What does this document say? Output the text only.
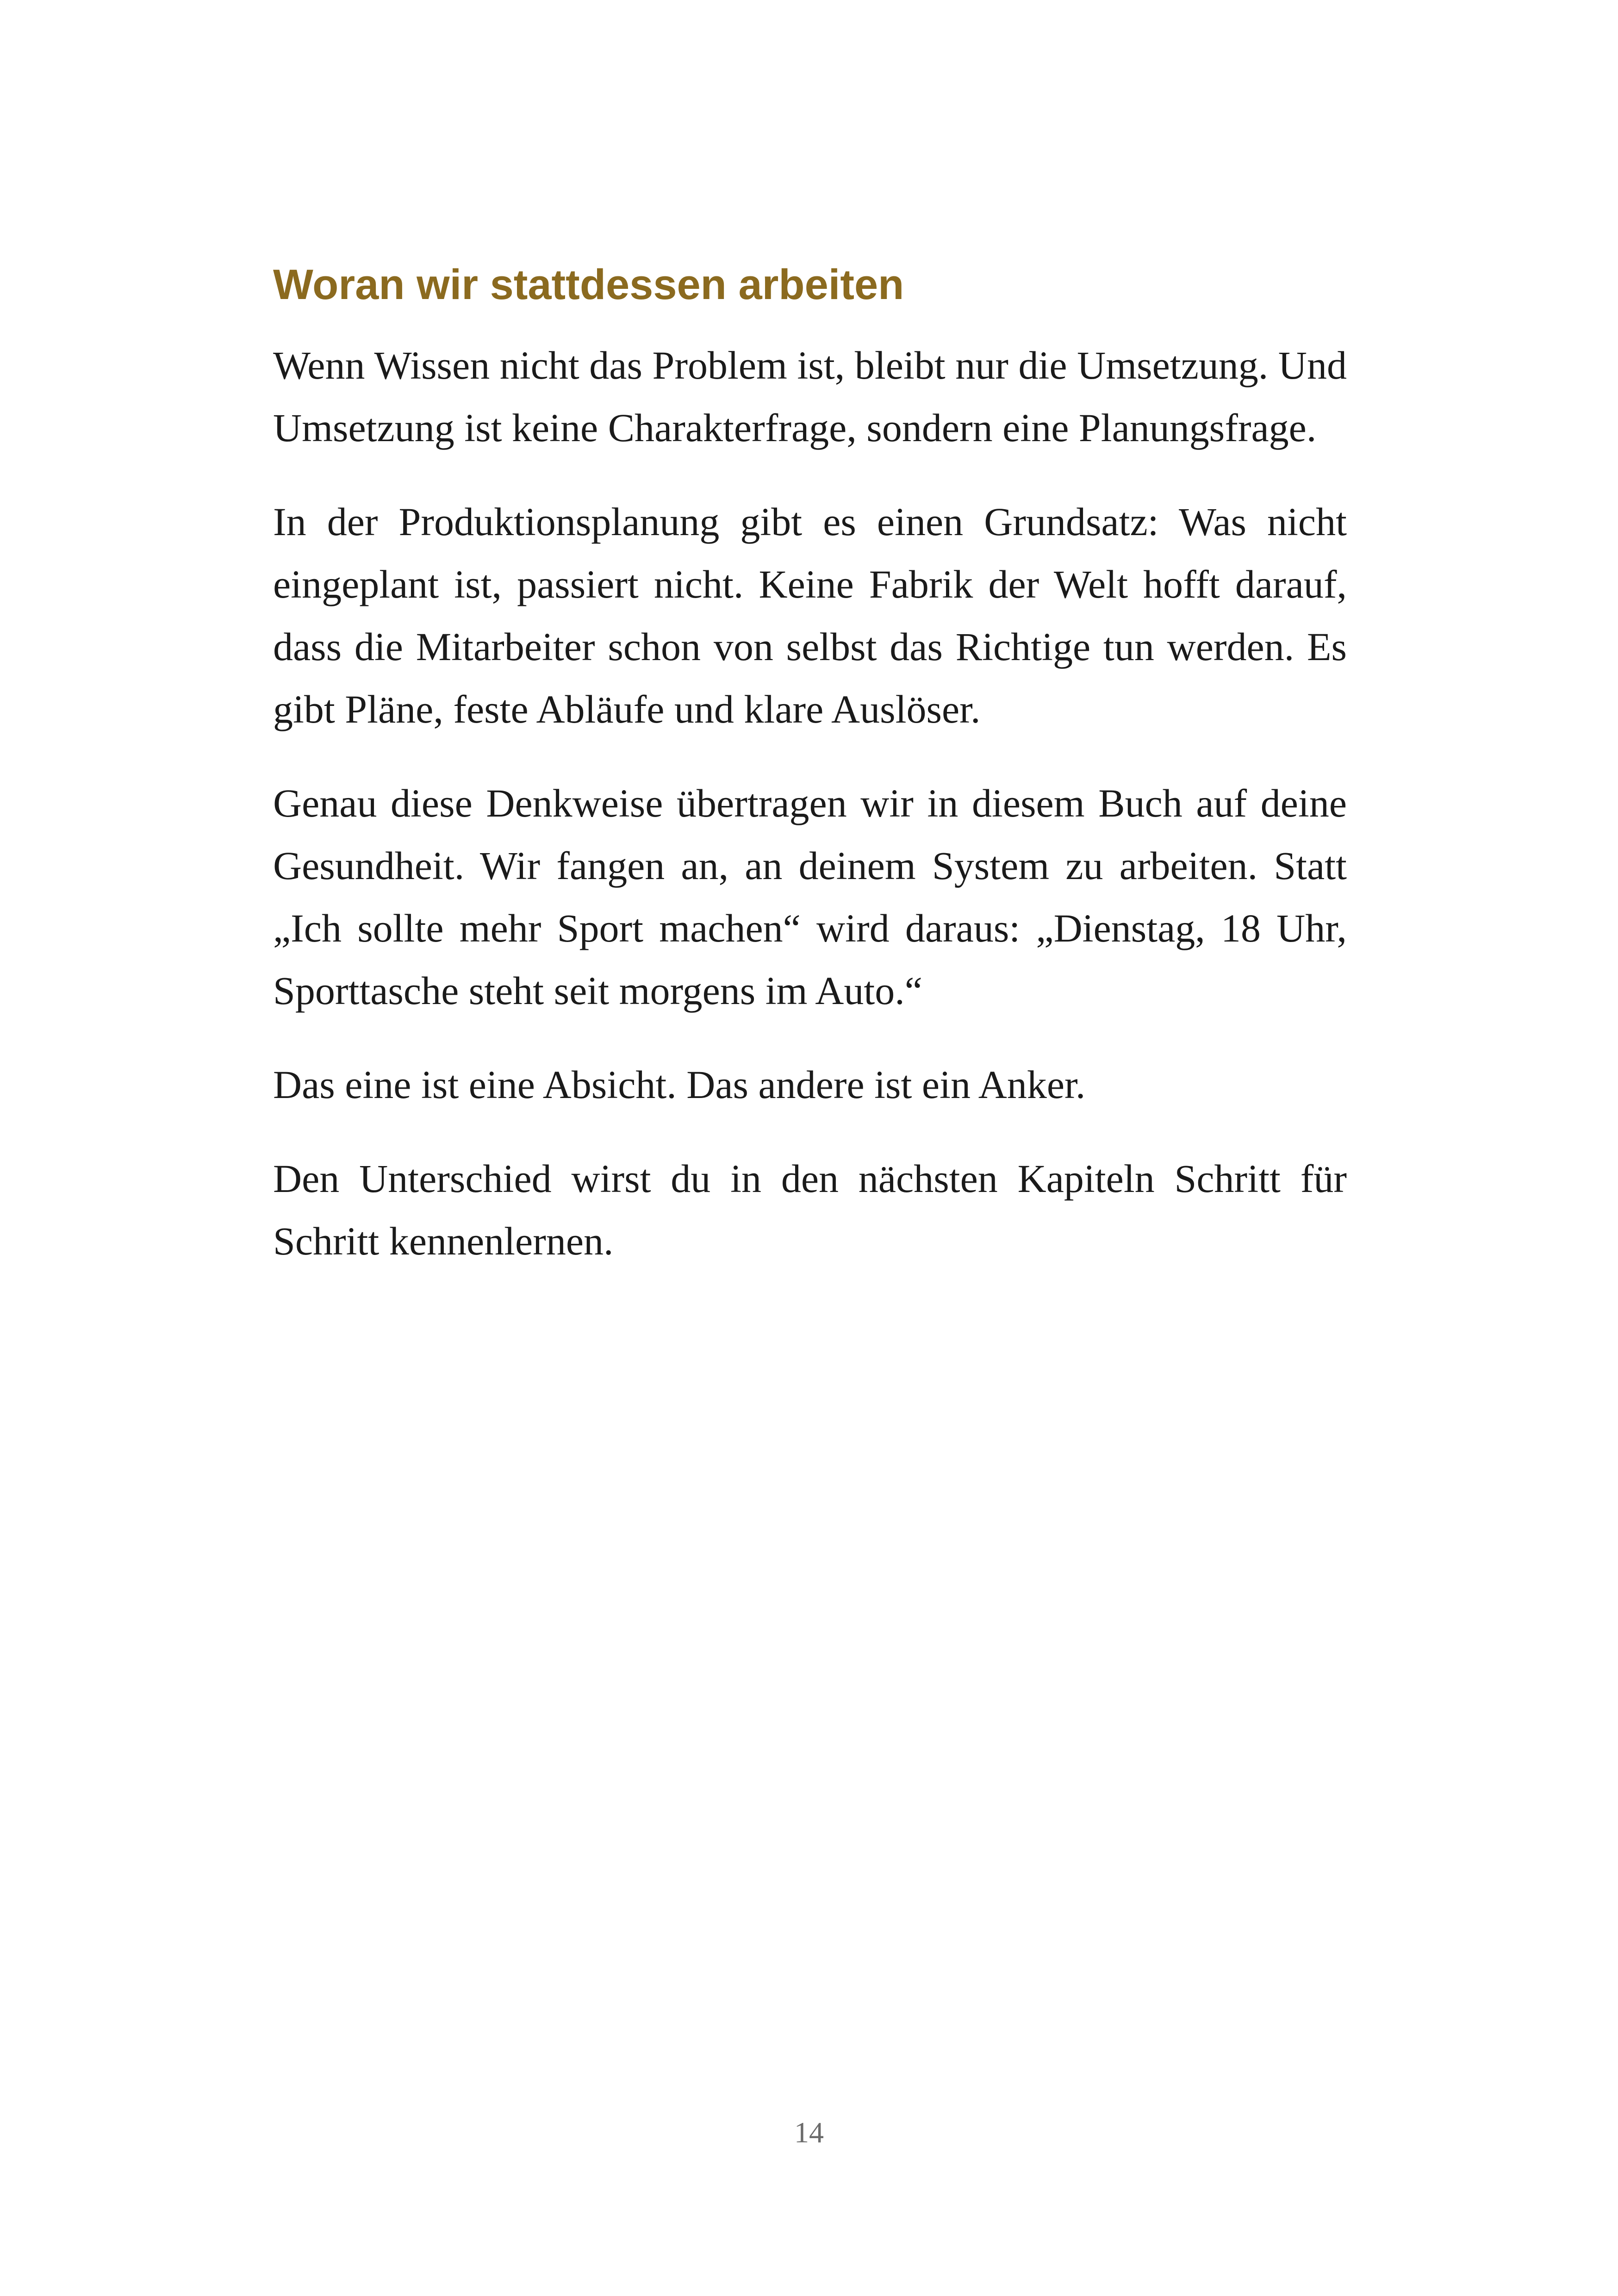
Woran wir stattdessen arbeiten

Wenn Wissen nicht das Problem ist, bleibt nur die Umsetzung. Und Umsetzung ist keine Charakterfrage, sondern eine Planungsfrage.

In der Produktionsplanung gibt es einen Grundsatz: Was nicht eingeplant ist, passiert nicht. Keine Fabrik der Welt hofft darauf, dass die Mitarbeiter schon von selbst das Richtige tun werden. Es gibt Pläne, feste Abläufe und klare Auslöser.

Genau diese Denkweise übertragen wir in diesem Buch auf deine Gesundheit. Wir fangen an, an deinem System zu arbeiten. Statt „Ich sollte mehr Sport machen“ wird daraus: „Dienstag, 18 Uhr, Sporttasche steht seit morgens im Auto.“

Das eine ist eine Absicht. Das andere ist ein Anker.

Den Unterschied wirst du in den nächsten Kapiteln Schritt für Schritt kennenlernen.

14
